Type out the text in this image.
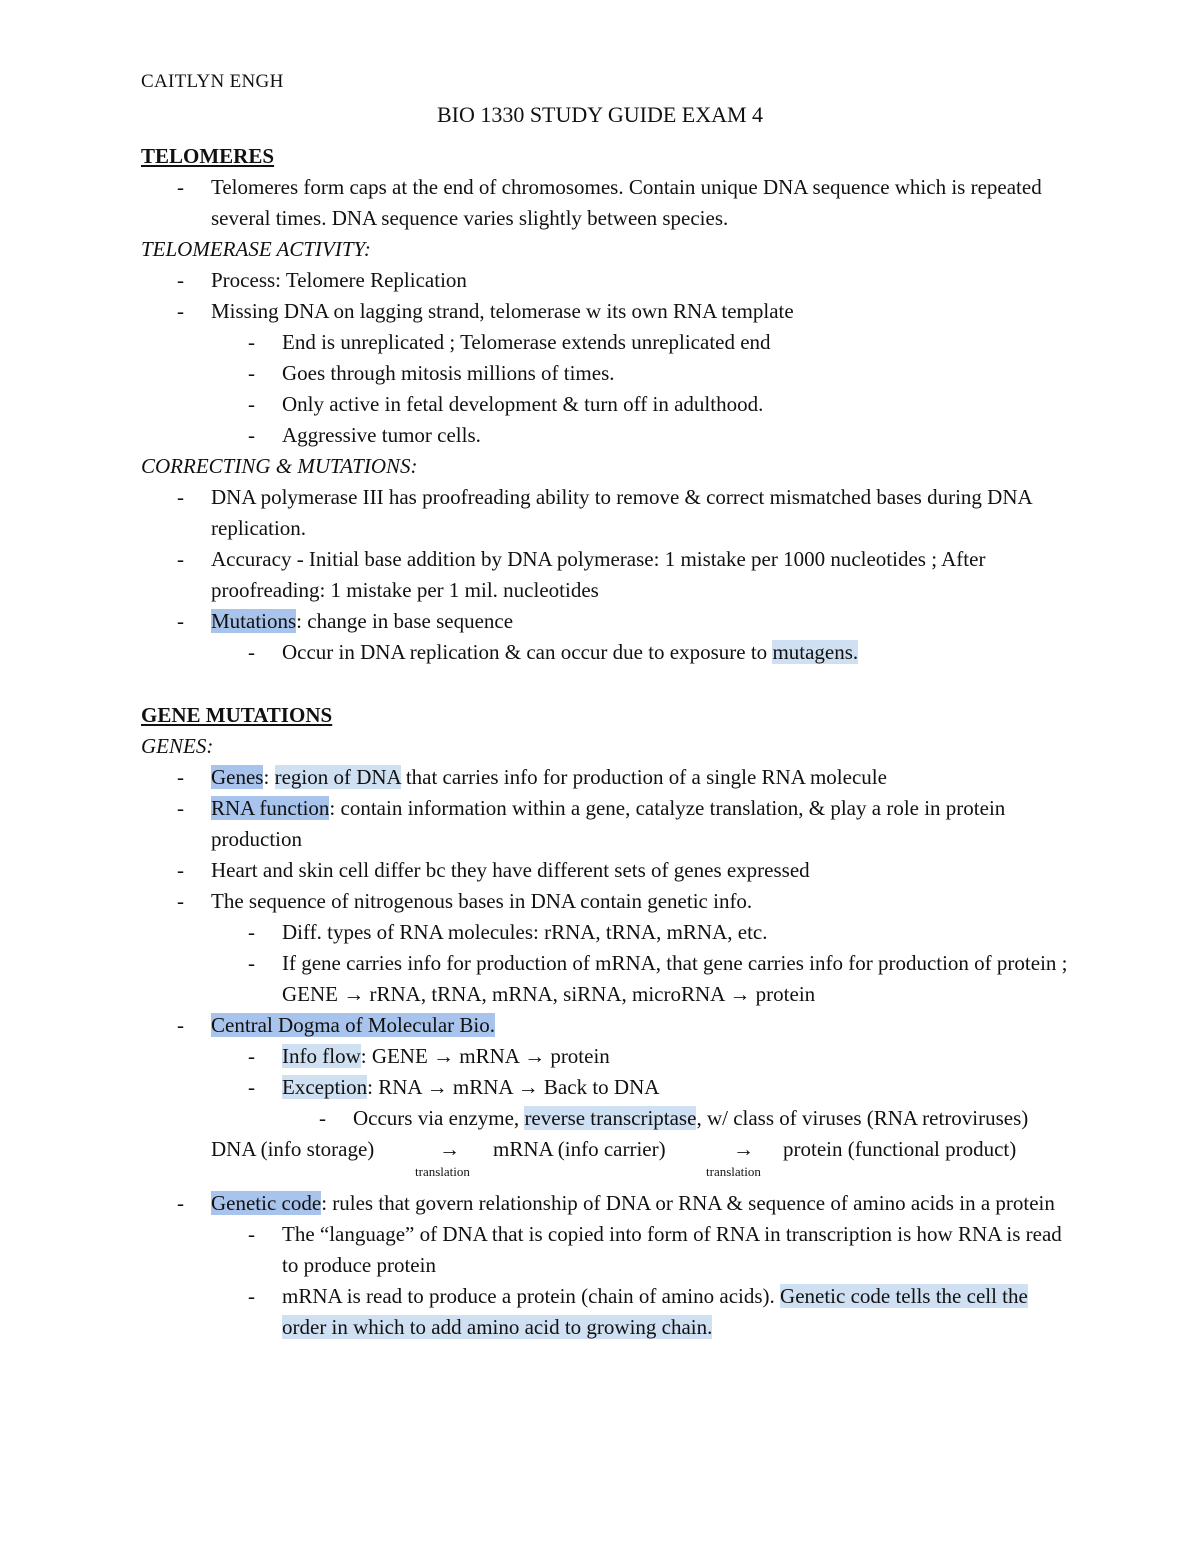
CAITLYN ENGH
BIO 1330 STUDY GUIDE EXAM 4
TELOMERES
- Telomeres form caps at the end of chromosomes. Contain unique DNA sequence which is repeated several times. DNA sequence varies slightly between species.
TELOMERASE ACTIVITY:
- Process: Telomere Replication
- Missing DNA on lagging strand, telomerase w its own RNA template
- End is unreplicated ; Telomerase extends unreplicated end
- Goes through mitosis millions of times.
- Only active in fetal development & turn off in adulthood.
- Aggressive tumor cells.
CORRECTING & MUTATIONS:
- DNA polymerase III has proofreading ability to remove & correct mismatched bases during DNA replication.
- Accuracy - Initial base addition by DNA polymerase: 1 mistake per 1000 nucleotides ; After proofreading: 1 mistake per 1 mil. nucleotides
- Mutations: change in base sequence
- Occur in DNA replication & can occur due to exposure to mutagens.
GENE MUTATIONS
GENES:
- Genes: region of DNA that carries info for production of a single RNA molecule
- RNA function: contain information within a gene, catalyze translation, & play a role in protein production
- Heart and skin cell differ bc they have different sets of genes expressed
- The sequence of nitrogenous bases in DNA contain genetic info.
- Diff. types of RNA molecules: rRNA, tRNA, mRNA, etc.
- If gene carries info for production of mRNA, that gene carries info for production of protein ; GENE → rRNA, tRNA, mRNA, siRNA, microRNA → protein
- Central Dogma of Molecular Bio.
- Info flow: GENE → mRNA → protein
- Exception: RNA → mRNA → Back to DNA
- Occurs via enzyme, reverse transcriptase, w/ class of viruses (RNA retroviruses)
DNA (info storage)	→ mRNA (info carrier)	→ protein (functional product)
translation	translation
- Genetic code: rules that govern relationship of DNA or RNA & sequence of amino acids in a protein
- The “language” of DNA that is copied into form of RNA in transcription is how RNA is read to produce protein
- mRNA is read to produce a protein (chain of amino acids). Genetic code tells the cell the order in which to add amino acid to growing chain.
